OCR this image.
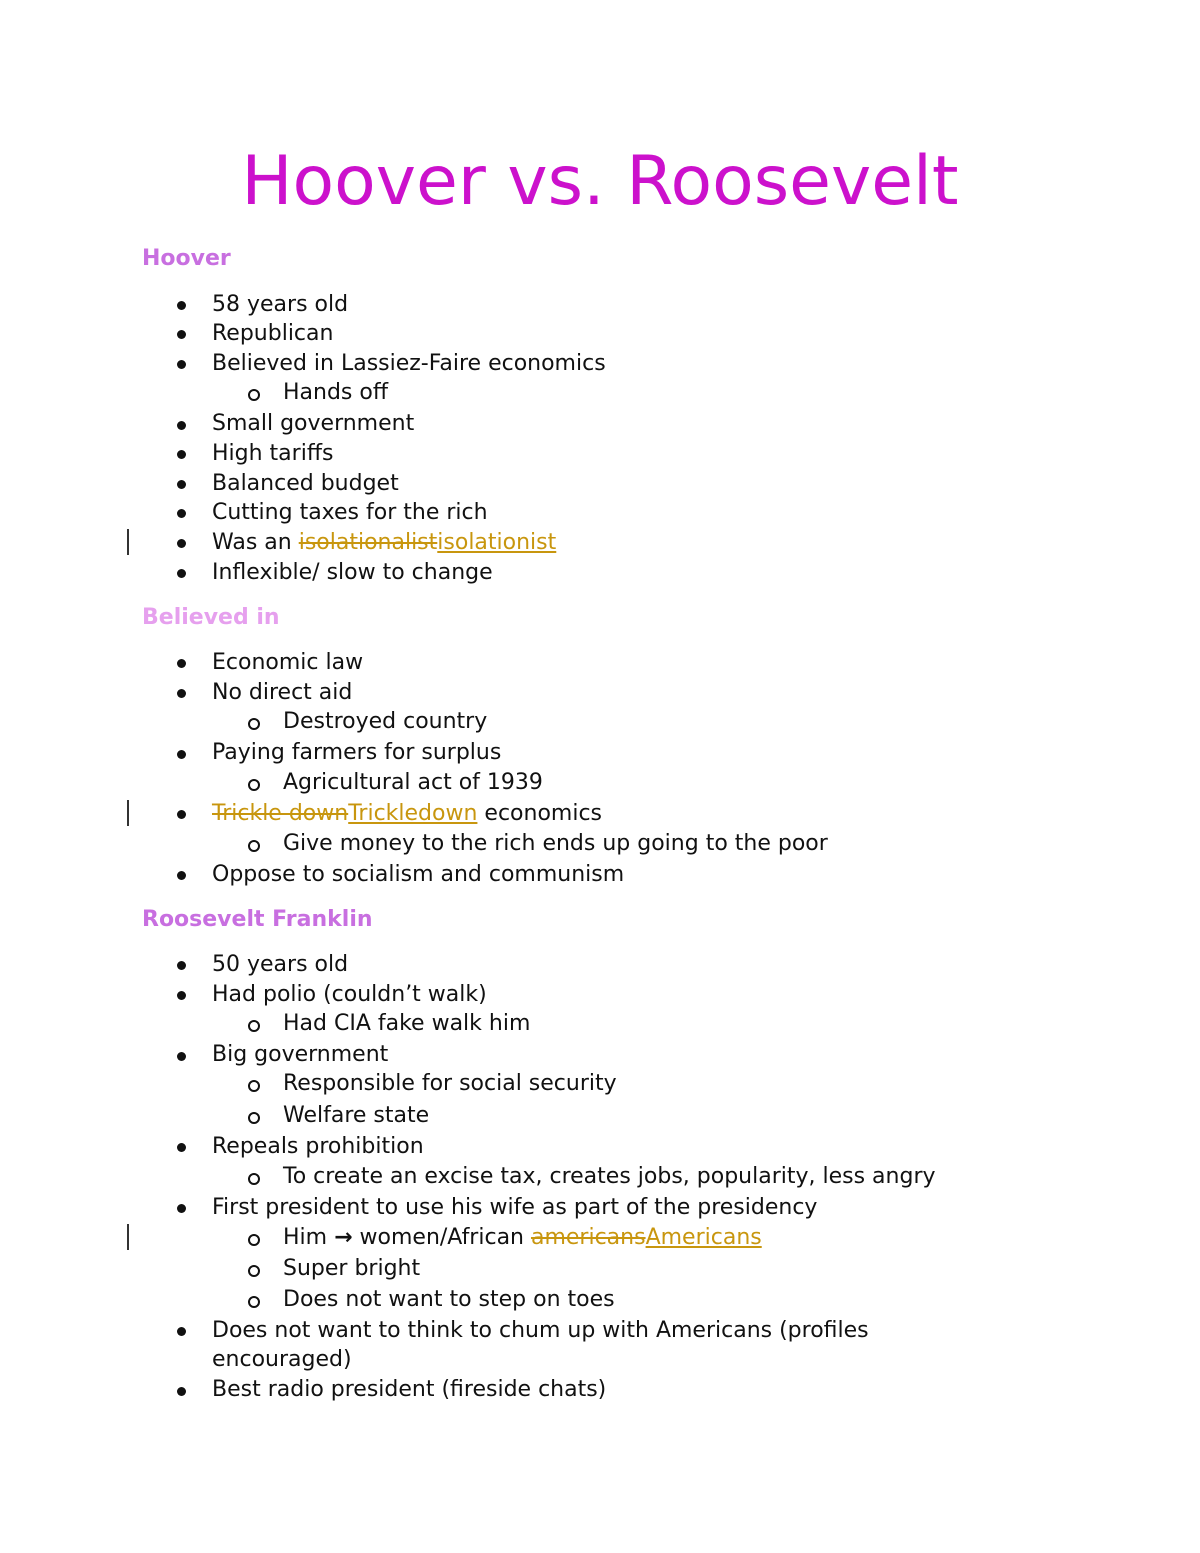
Hoover vs. Roosevelt
Hoover
58 years old
Republican
Believed in Lassiez-Faire economics
Hands off
Small government
High tariffs
Balanced budget
Cutting taxes for the rich
Was an isolationalistisolationist
Inflexible/ slow to change
Believed in
Economic law
No direct aid
Destroyed country
Paying farmers for surplus
Agricultural act of 1939
Trickle downTrickledown economics
Give money to the rich ends up going to the poor
Oppose to socialism and communism
Roosevelt Franklin
50 years old
Had polio (couldn’t walk)
Had CIA fake walk him
Big government
Responsible for social security
Welfare state
Repeals prohibition
To create an excise tax, creates jobs, popularity, less angry
First president to use his wife as part of the presidency
Him → women/African americansAmericans
Super bright
Does not want to step on toes
Does not want to think to chum up with Americans (profiles
encouraged)
Best radio president (fireside chats)
